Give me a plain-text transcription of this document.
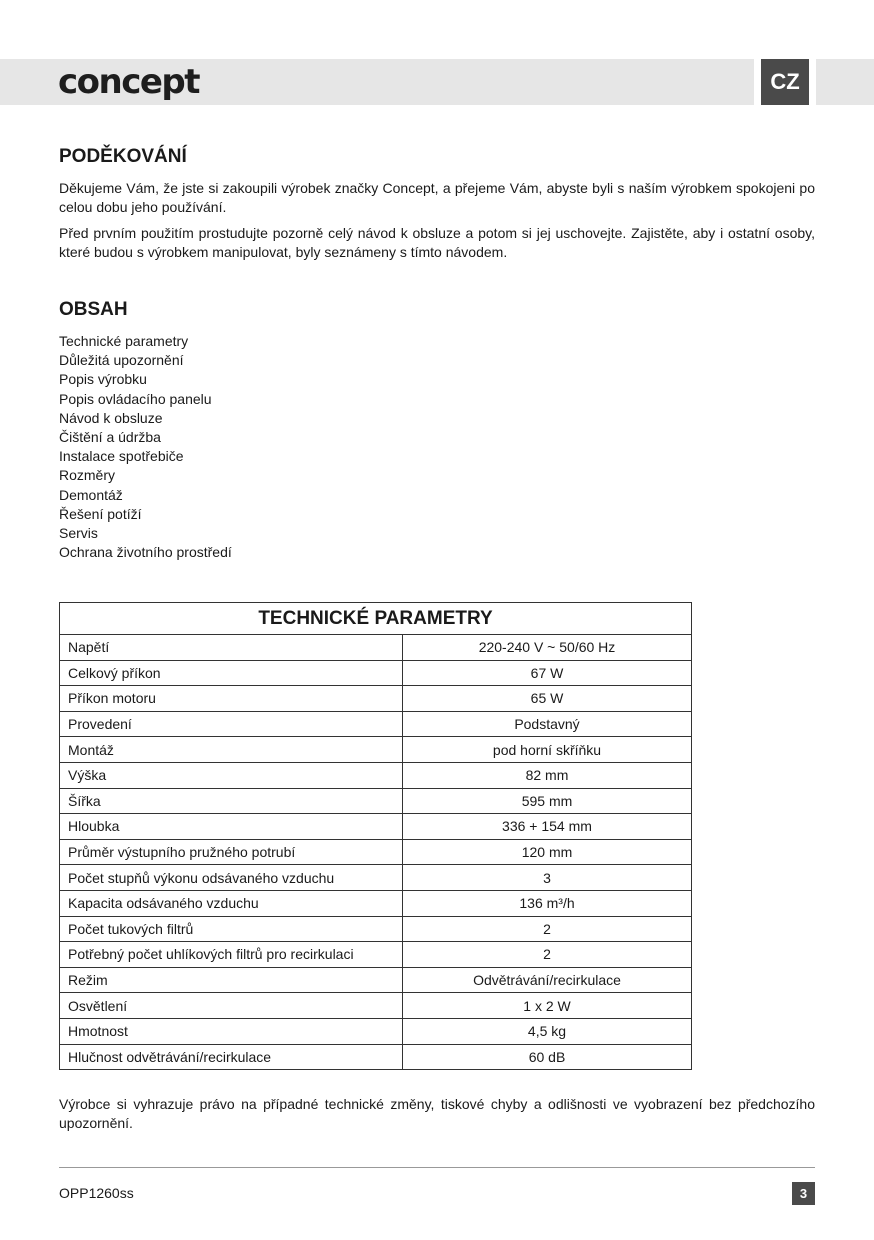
concept	CZ
PODĚKOVÁNÍ

Děkujeme Vám, že jste si zakoupili výrobek značky Concept, a přejeme Vám, abyste byli s naším výrobkem spokojeni po celou dobu jeho používání.

Před prvním použitím prostudujte pozorně celý návod k obsluze a potom si jej uschovejte. Zajistěte, aby i ostatní osoby, které budou s výrobkem manipulovat, byly seznámeny s tímto návodem.

OBSAH
Technické parametry
Důležitá upozornění
Popis výrobku
Popis ovládacího panelu
Návod k obsluze
Čištění a údržba
Instalace spotřebiče
Rozměry
Demontáž
Řešení potíží
Servis
Ochrana životního prostředí
TECHNICKÉ PARAMETRY	
Napětí	220-240 V ~ 50/60 Hz
Celkový příkon	67 W
Příkon motoru	65 W
Provedení	Podstavný
Montáž	pod horní skříňku
Výška	82 mm
Šířka	595 mm
Hloubka	336 + 154 mm
Průměr výstupního pružného potrubí	120 mm
Počet stupňů výkonu odsávaného vzduchu	3
Kapacita odsávaného vzduchu	136 m³/h
Počet tukových filtrů	2
Potřebný počet uhlíkových filtrů pro recirkulaci	2
Režim	Odvětrávání/recirkulace
Osvětlení	1 x 2 W
Hmotnost	4,5 kg
Hlučnost odvětrávání/recirkulace	60 dB

Výrobce si vyhrazuje právo na případné technické změny, tiskové chyby a odlišnosti ve vyobrazení bez předchozího upozornění.

OPP1260ss	3
